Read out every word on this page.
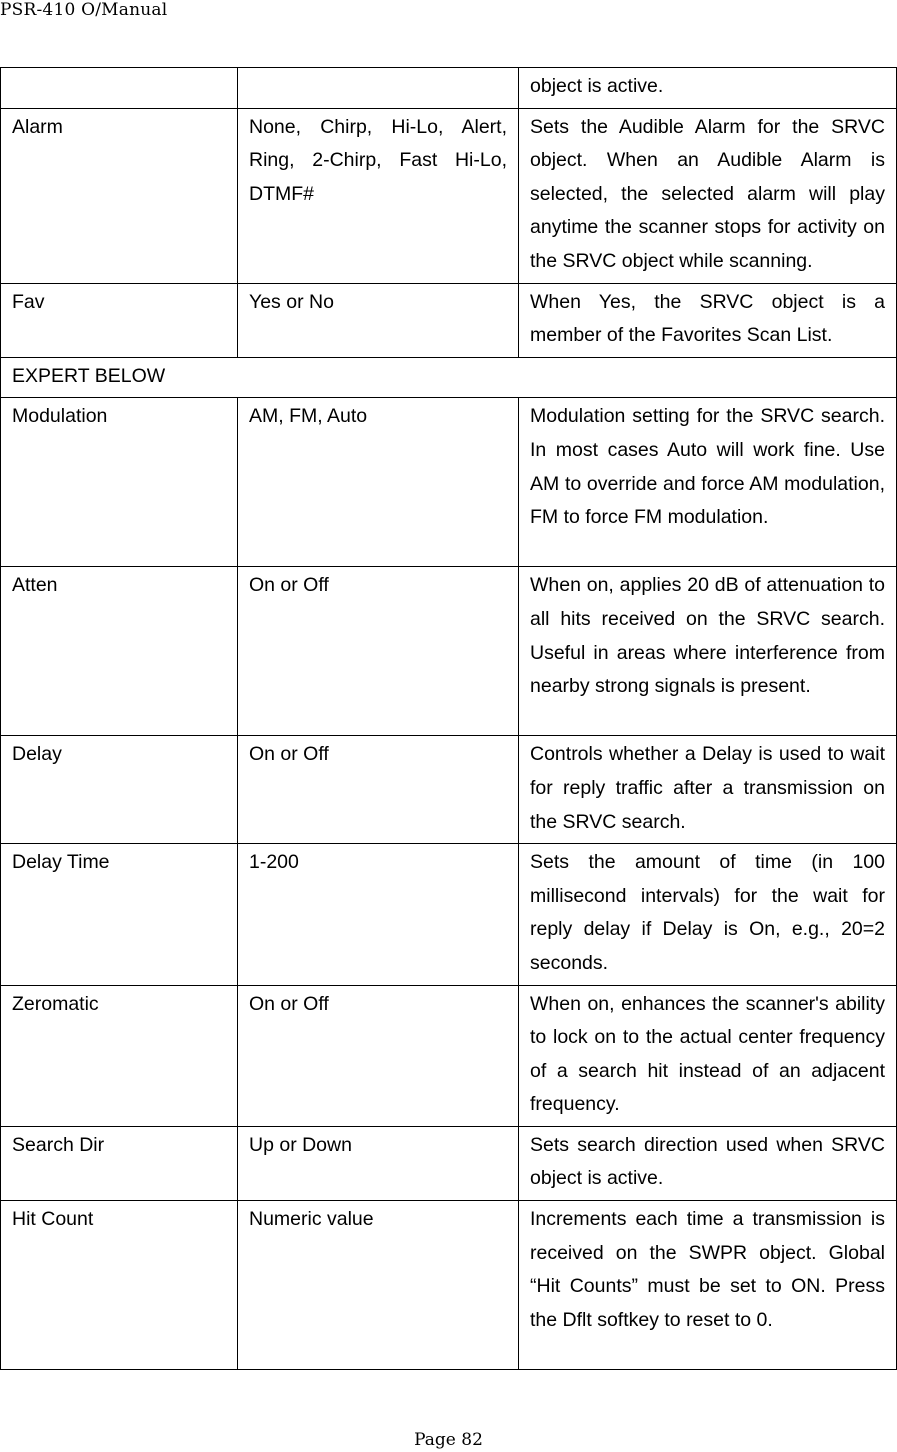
PSR-410 O/Manual
		object is active.
Alarm	None, Chirp, Hi-Lo, Alert, Ring, 2-Chirp, Fast Hi-Lo, DTMF#	Sets the Audible Alarm for the SRVC object. When an Audible Alarm is selected, the selected alarm will play anytime the scanner stops for activity on the SRVC object while scanning.
Fav	Yes or No	When Yes, the SRVC object is a member of the Favorites Scan List.
EXPERT BELOW		
Modulation	AM, FM, Auto	Modulation setting for the SRVC search. In most cases Auto will work fine. Use AM to override and force AM modulation, FM to force FM modulation.
Atten	On or Off	When on, applies 20 dB of attenuation to all hits received on the SRVC search. Useful in areas where interference from nearby strong signals is present.
Delay	On or Off	Controls whether a Delay is used to wait for reply traffic after a transmission on the SRVC search.
Delay Time	1-200	Sets the amount of time (in 100 millisecond intervals) for the wait for reply delay if Delay is On, e.g., 20=2 seconds.
Zeromatic	On or Off	When on, enhances the scanner's ability to lock on to the actual center frequency of a search hit instead of an adjacent frequency.
Search Dir	Up or Down	Sets search direction used when SRVC object is active.
Hit Count	Numeric value	Increments each time a transmission is received on the SWPR object. Global “Hit Counts” must be set to ON. Press the Dflt softkey to reset to 0.
Page 82
